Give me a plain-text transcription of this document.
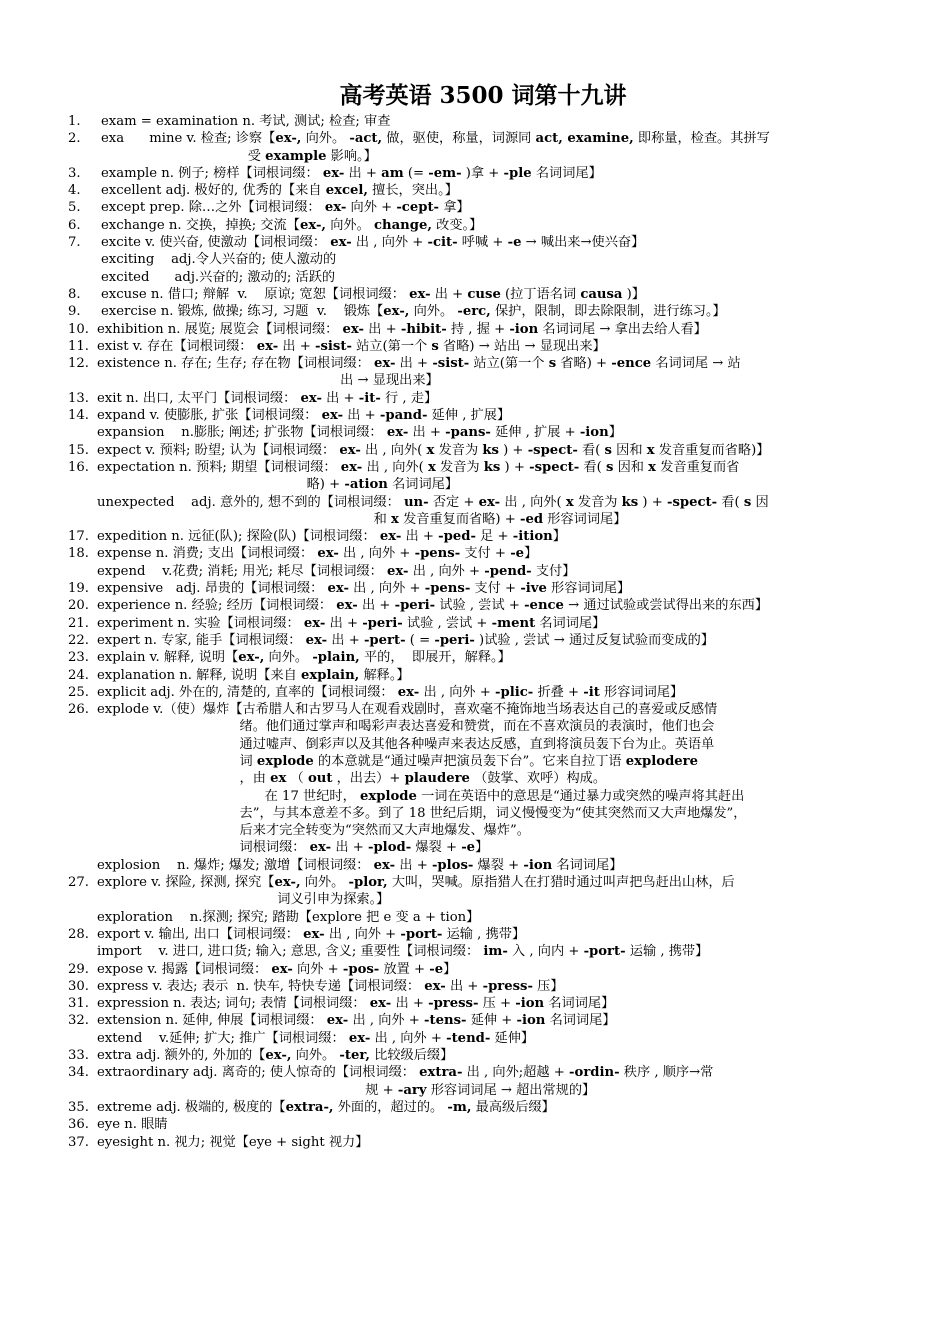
高考英语 3500 词第十九讲
1.	exam = examination n. 考试, 测试; 检查; 审查
2.	exa      mine v. 检查; 诊察【ex-, 向外。 -act, 做，驱使，称量，词源同 act, examine, 即称量，检查。其拼写
受 example 影响。】
3.	example n. 例子; 榜样【词根词缀： ex- 出 + am (= -em- )拿 + -ple 名词词尾】
4.	excellent adj. 极好的, 优秀的【来自 excel, 擅长，突出。】
5.	except prep. 除…之外【词根词缀： ex- 向外 + -cept- 拿】
6.	exchange n. 交换，掉换; 交流【ex-, 向外。 change, 改变。】
7.	excite v. 使兴奋, 使激动【词根词缀： ex- 出 , 向外 + -cit- 呼喊 + -e → 喊出来→使兴奋】
exciting    adj.令人兴奋的; 使人激动的
excited      adj.兴奋的; 激动的; 活跃的
8.	excuse n. 借口; 辩解  v.    原谅; 宽恕【词根词缀： ex- 出 + cuse (拉丁语名词 causa )】
9.	exercise n. 锻炼, 做操; 练习, 习题  v.    锻炼【ex-, 向外。 -erc, 保护，限制，即去除限制，进行练习。】
10. exhibition n. 展览; 展览会【词根词缀： ex- 出 + -hibit- 持 , 握 + -ion 名词词尾 → 拿出去给人看】
11. exist v. 存在【词根词缀： ex- 出 + -sist- 站立(第一个 s 省略) → 站出 → 显现出来】
12. existence n. 存在; 生存; 存在物【词根词缀： ex- 出 + -sist- 站立(第一个 s 省略) + -ence 名词词尾 → 站
出 → 显现出来】
13. exit n. 出口, 太平门【词根词缀： ex- 出 + -it- 行 , 走】
14. expand v. 使膨胀, 扩张【词根词缀： ex- 出 + -pand- 延伸 , 扩展】
expansion    n.膨胀; 阐述; 扩张物【词根词缀： ex- 出 + -pans- 延伸 , 扩展 + -ion】
15. expect v. 预料; 盼望; 认为【词根词缀： ex- 出 , 向外( x 发音为 ks ) + -spect- 看( s 因和 x 发音重复而省略)】
16. expectation n. 预料; 期望【词根词缀： ex- 出 , 向外( x 发音为 ks ) + -spect- 看( s 因和 x 发音重复而省
略) + -ation 名词词尾】
unexpected    adj. 意外的, 想不到的【词根词缀： un- 否定 + ex- 出 , 向外( x 发音为 ks ) + -spect- 看( s 因
和 x 发音重复而省略) + -ed 形容词词尾】
17. expedition n. 远征(队); 探险(队)【词根词缀： ex- 出 + -ped- 足 + -ition】
18. expense n. 消费; 支出【词根词缀： ex- 出 , 向外 + -pens- 支付 + -e】
expend    v.花费; 消耗; 用光; 耗尽【词根词缀： ex- 出 , 向外 + -pend- 支付】
19. expensive   adj. 昂贵的【词根词缀： ex- 出 , 向外 + -pens- 支付 + -ive 形容词词尾】
20. experience n. 经验; 经历【词根词缀： ex- 出 + -peri- 试验 , 尝试 + -ence → 通过试验或尝试得出来的东西】
21. experiment n. 实验【词根词缀： ex- 出 + -peri- 试验 , 尝试 + -ment 名词词尾】
22. expert n. 专家, 能手【词根词缀： ex- 出 + -pert- ( = -peri- )试验 , 尝试 → 通过反复试验而变成的】
23. explain v. 解释, 说明【ex-, 向外。 -plain, 平的，  即展开，解释。】
24. explanation n. 解释, 说明【来自 explain, 解释。】
25. explicit adj. 外在的, 清楚的, 直率的【词根词缀： ex- 出 , 向外 + -plic- 折叠 + -it 形容词词尾】
26. explode v.（使）爆炸【古希腊人和古罗马人在观看戏剧时，喜欢毫不掩饰地当场表达自己的喜爱或反感情
绪。他们通过掌声和喝彩声表达喜爱和赞赏，而在不喜欢演员的表演时，他们也会
通过嘘声、倒彩声以及其他各种噪声来表达反感，直到将演员轰下台为止。英语单
词 explode 的本意就是“通过噪声把演员轰下台”。它来自拉丁语 explodere
，由 ex （ out ，出去）+ plaudere （鼓掌、欢呼）构成。
在 17 世纪时， explode 一词在英语中的意思是“通过暴力或突然的噪声将其赶出
去”，与其本意差不多。到了 18 世纪后期，词义慢慢变为“使其突然而又大声地爆发”，
后来才完全转变为“突然而又大声地爆发、爆炸”。
词根词缀： ex- 出 + -plod- 爆裂 + -e】
explosion    n. 爆炸; 爆发; 激增【词根词缀： ex- 出 + -plos- 爆裂 + -ion 名词词尾】
27. explore v. 探险, 探测, 探究【ex-, 向外。 -plor, 大叫，哭喊。原指猎人在打猎时通过叫声把鸟赶出山林，后
词义引申为探索。】
exploration    n.探测; 探究; 踏勘【explore 把 e 变 a + tion】
28. export v. 输出, 出口【词根词缀： ex- 出 , 向外 + -port- 运输 , 携带】
import    v. 进口, 进口货; 输入; 意思, 含义; 重要性【词根词缀： im- 入 , 向内 + -port- 运输 , 携带】
29. expose v. 揭露【词根词缀： ex- 向外 + -pos- 放置 + -e】
30. express v. 表达; 表示  n. 快车, 特快专递【词根词缀： ex- 出 + -press- 压】
31. expression n. 表达; 词句; 表情【词根词缀： ex- 出 + -press- 压 + -ion 名词词尾】
32. extension n. 延伸, 伸展【词根词缀： ex- 出 , 向外 + -tens- 延伸 + -ion 名词词尾】
extend    v.延伸; 扩大; 推广【词根词缀： ex- 出 , 向外 + -tend- 延伸】
33. extra adj. 额外的, 外加的【ex-, 向外。 -ter, 比较级后缀】
34. extraordinary adj. 离奇的; 使人惊奇的【词根词缀： extra- 出 , 向外;超越 + -ordin- 秩序 , 顺序→常
规 + -ary 形容词词尾 → 超出常规的】
35. extreme adj. 极端的, 极度的【extra-, 外面的，超过的。 -m, 最高级后缀】
36. eye n. 眼睛
37. eyesight n. 视力; 视觉【eye + sight 视力】
